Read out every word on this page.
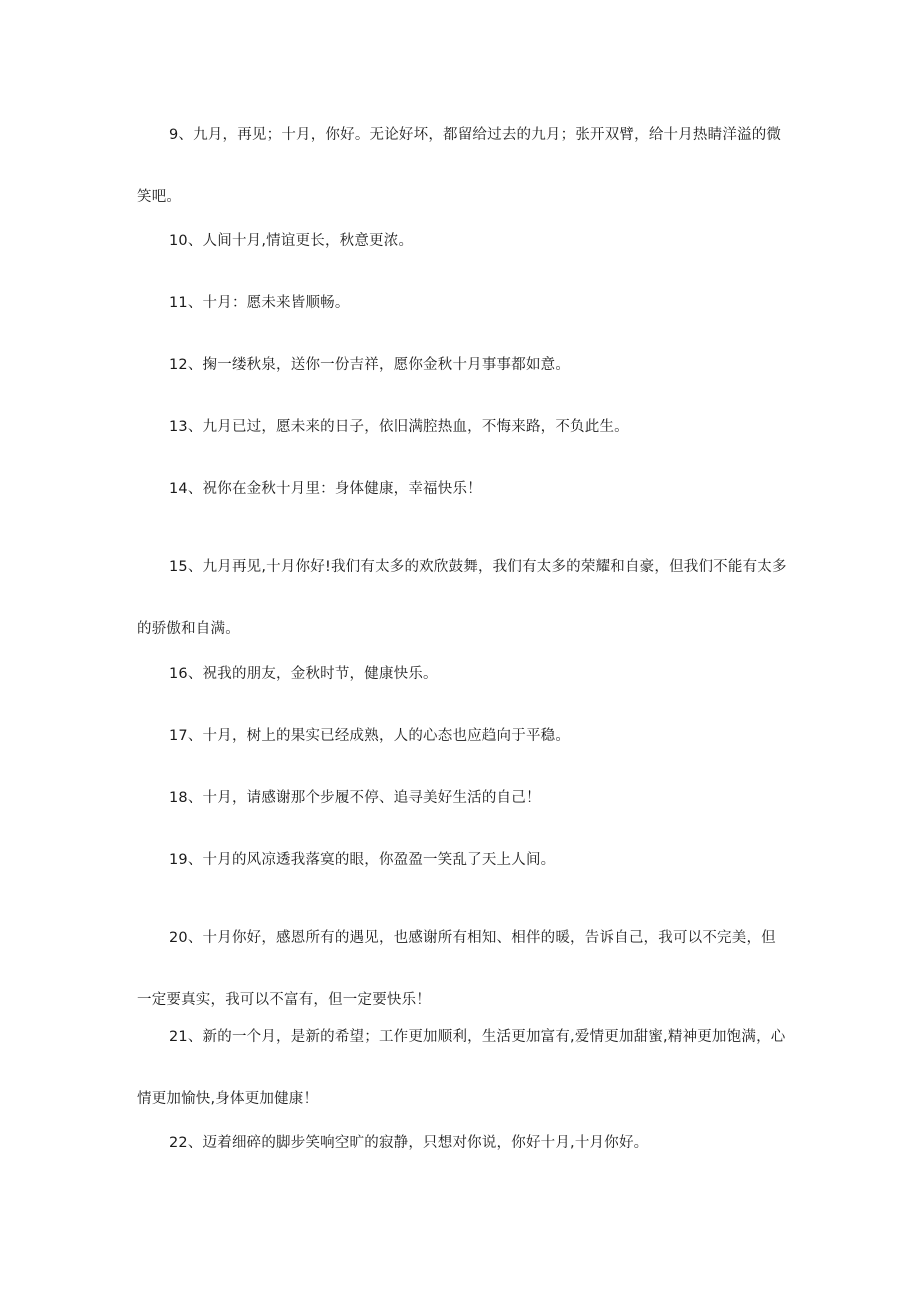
9、九月，再见；十月，你好。无论好坏，都留给过去的九月；张开双臂，给十月热睛洋溢的微笑吧。

10、人间十月,情谊更长，秋意更浓。

11、十月：愿未来皆顺畅。

12、掬一缕秋泉，送你一份吉祥，愿你金秋十月事事都如意。

13、九月已过，愿未来的日子，依旧满腔热血，不悔来路，不负此生。

14、祝你在金秋十月里：身体健康，幸福快乐！

15、九月再见,十月你好!我们有太多的欢欣鼓舞，我们有太多的荣耀和自豪，但我们不能有太多的骄傲和自满。

16、祝我的朋友，金秋时节，健康快乐。

17、十月，树上的果实已经成熟，人的心态也应趋向于平稳。

18、十月，请感谢那个步履不停、追寻美好生活的自己！

19、十月的风凉透我落寞的眼，你盈盈一笑乱了天上人间。

20、十月你好，感恩所有的遇见，也感谢所有相知、相伴的暖，告诉自己，我可以不完美，但一定要真实，我可以不富有，但一定要快乐！

21、新的一个月，是新的希望；工作更加顺利，生活更加富有,爱情更加甜蜜,精神更加饱满，心情更加愉快,身体更加健康！

22、迈着细碎的脚步笑响空旷的寂静，只想对你说，你好十月,十月你好。
